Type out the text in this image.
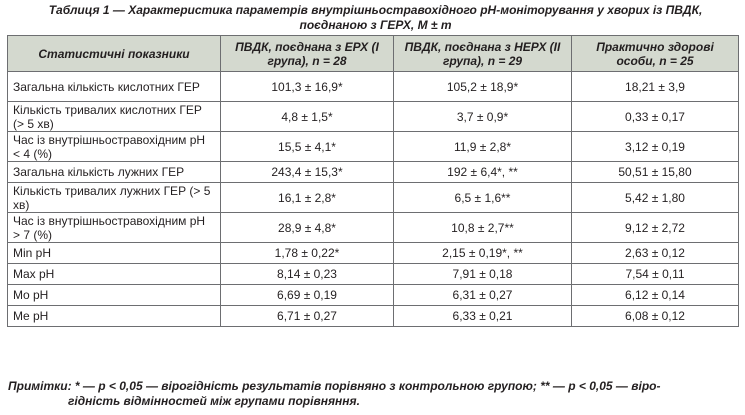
Таблиця 1 — Характеристика параметрів внутрішньостравохідного рН-моніторування у хворих із ПВДК,
поєднаною з ГЕРХ, M ± m

Статистичні показники	ПВДК, поєднана з ЕРХ (І група), n = 28	ПВДК, поєднана з НЕРХ (ІІ група), n = 29	Практично здорові особи, n = 25
Загальна кількість кислотних ГЕР	101,3 ± 16,9*	105,2 ± 18,9*	18,21 ± 3,9
Кількість тривалих кислотних ГЕР (> 5 хв)	4,8 ± 1,5*	3,7 ± 0,9*	0,33 ± 0,17
Час із внутрішньостравохідним pH < 4 (%)	15,5 ± 4,1*	11,9 ± 2,8*	3,12 ± 0,19
Загальна кількість лужних ГЕР	243,4 ± 15,3*	192 ± 6,4*, **	50,51 ± 15,80
Кількість тривалих лужних ГЕР (> 5 хв)	16,1 ± 2,8*	6,5 ± 1,6**	5,42 ± 1,80
Час із внутрішньостравохідним pH > 7 (%)	28,9 ± 4,8*	10,8 ± 2,7**	9,12 ± 2,72
Min pH	1,78 ± 0,22*	2,15 ± 0,19*, **	2,63 ± 0,12
Max pH	8,14 ± 0,23	7,91 ± 0,18	7,54 ± 0,11
Mo pH	6,69 ± 0,19	6,31 ± 0,27	6,12 ± 0,14
Me pH	6,71 ± 0,27	6,33 ± 0,21	6,08 ± 0,12

Примітки: * — p < 0,05 — вірогідність результатів порівняно з контрольною групою; ** — p < 0,05 — віро-
гідність відмінностей між групами порівняння.
